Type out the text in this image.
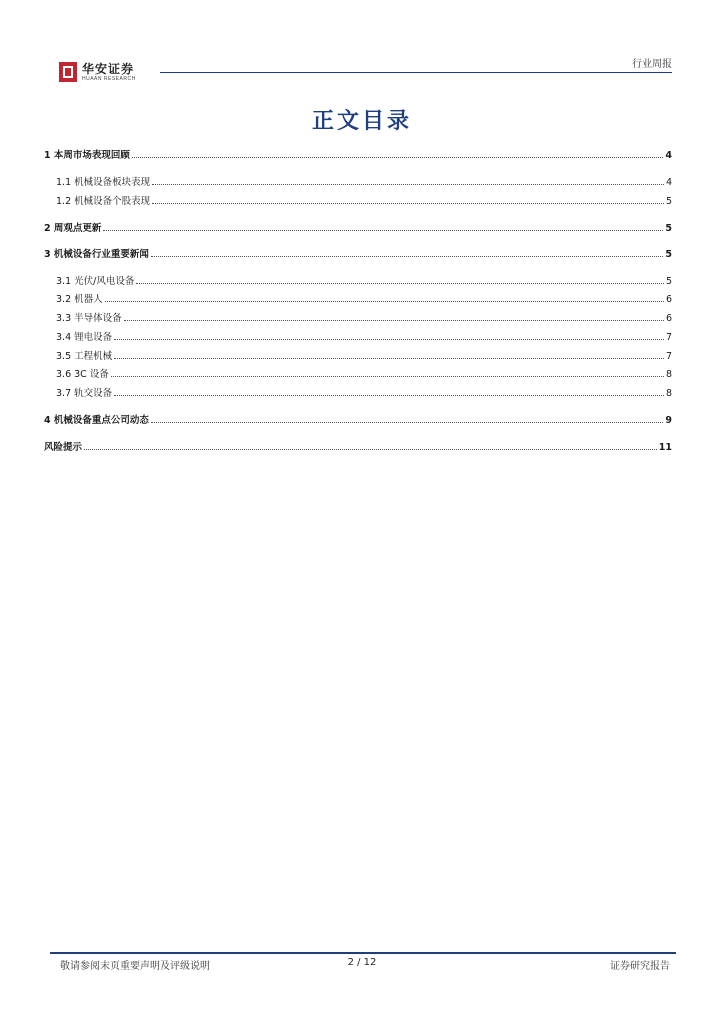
华安证券
HUAAN RESEARCH
行业周报
正文目录
1 本周市场表现回顾	4
1.1 机械设备板块表现	4
1.2 机械设备个股表现	5
2 周观点更新	5
3 机械设备行业重要新闻	5
3.1 光伏/风电设备	5
3.2 机器人	6
3.3 半导体设备	6
3.4 锂电设备	7
3.5 工程机械	7
3.6 3C 设备	8
3.7 轨交设备	8
4 机械设备重点公司动态	9
风险提示	11
敬请参阅末页重要声明及评级说明	2 / 12	证券研究报告
